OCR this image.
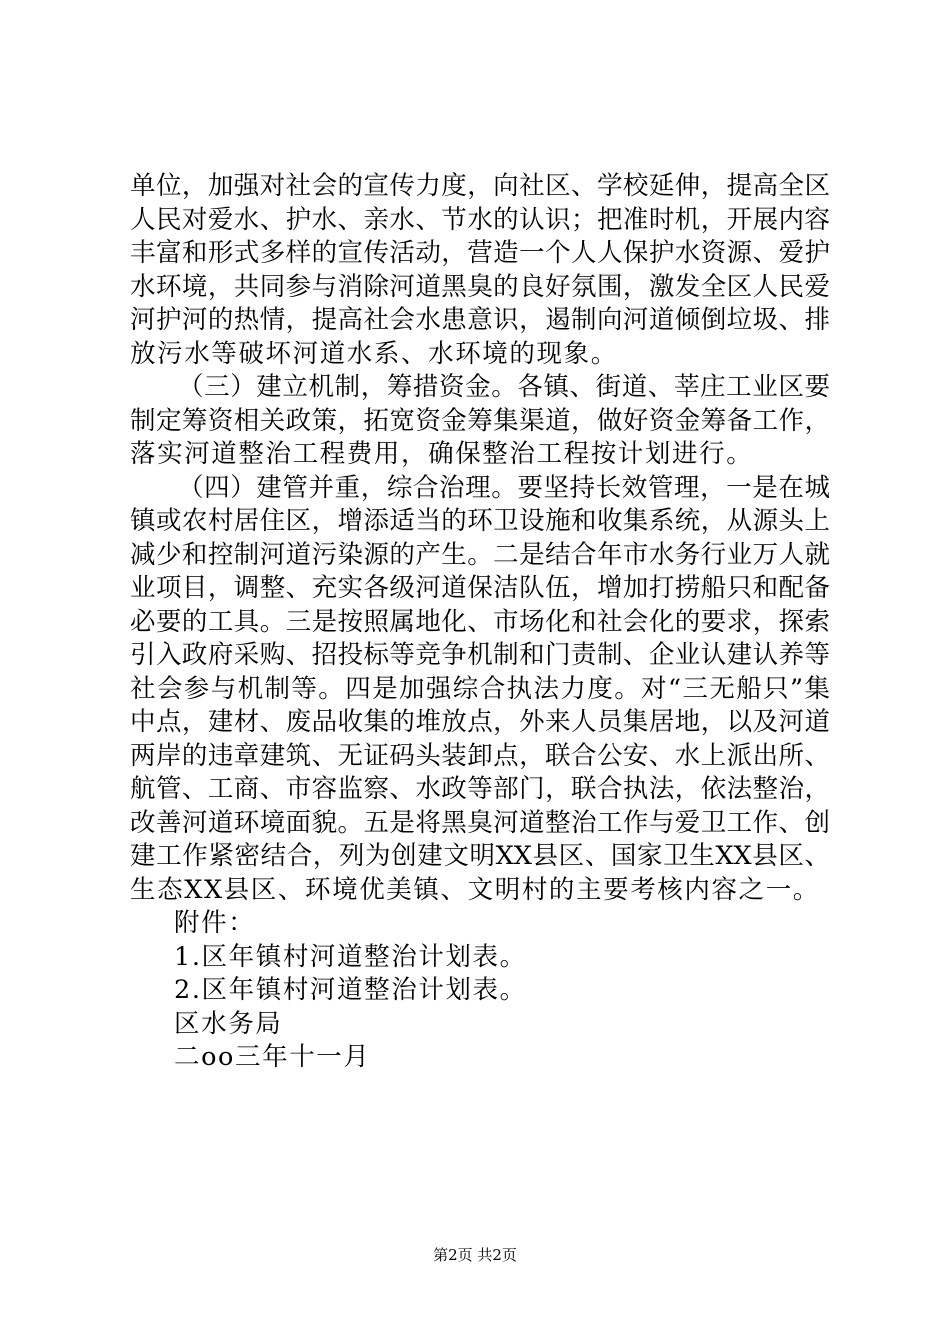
单位，加强对社会的宣传力度，向社区、学校延伸，提高全区
人民对爱水、护水、亲水、节水的认识；把准时机，开展内容
丰富和形式多样的宣传活动，营造一个人人保护水资源、爱护
水环境，共同参与消除河道黑臭的良好氛围，激发全区人民爱
河护河的热情，提高社会水患意识，遏制向河道倾倒垃圾、排
放污水等破坏河道水系、水环境的现象。
（三）建立机制，筹措资金。各镇、街道、莘庄工业区要
制定筹资相关政策，拓宽资金筹集渠道，做好资金筹备工作，
落实河道整治工程费用，确保整治工程按计划进行。
（四）建管并重，综合治理。要坚持长效管理，一是在城
镇或农村居住区，增添适当的环卫设施和收集系统，从源头上
减少和控制河道污染源的产生。二是结合年市水务行业万人就
业项目，调整、充实各级河道保洁队伍，增加打捞船只和配备
必要的工具。三是按照属地化、市场化和社会化的要求，探索
引入政府采购、招投标等竞争机制和门责制、企业认建认养等
社会参与机制等。四是加强综合执法力度。对“三无船只”集
中点，建材、废品收集的堆放点，外来人员集居地，以及河道
两岸的违章建筑、无证码头装卸点，联合公安、水上派出所、
航管、工商、市容监察、水政等部门，联合执法，依法整治，
改善河道环境面貌。五是将黑臭河道整治工作与爱卫工作、创
建工作紧密结合，列为创建文明XX县区、国家卫生XX县区、
生态XX县区、环境优美镇、文明村的主要考核内容之一。
附件：
1.区年镇村河道整治计划表。
2.区年镇村河道整治计划表。
区水务局
二oo三年十一月
第2页 共2页
